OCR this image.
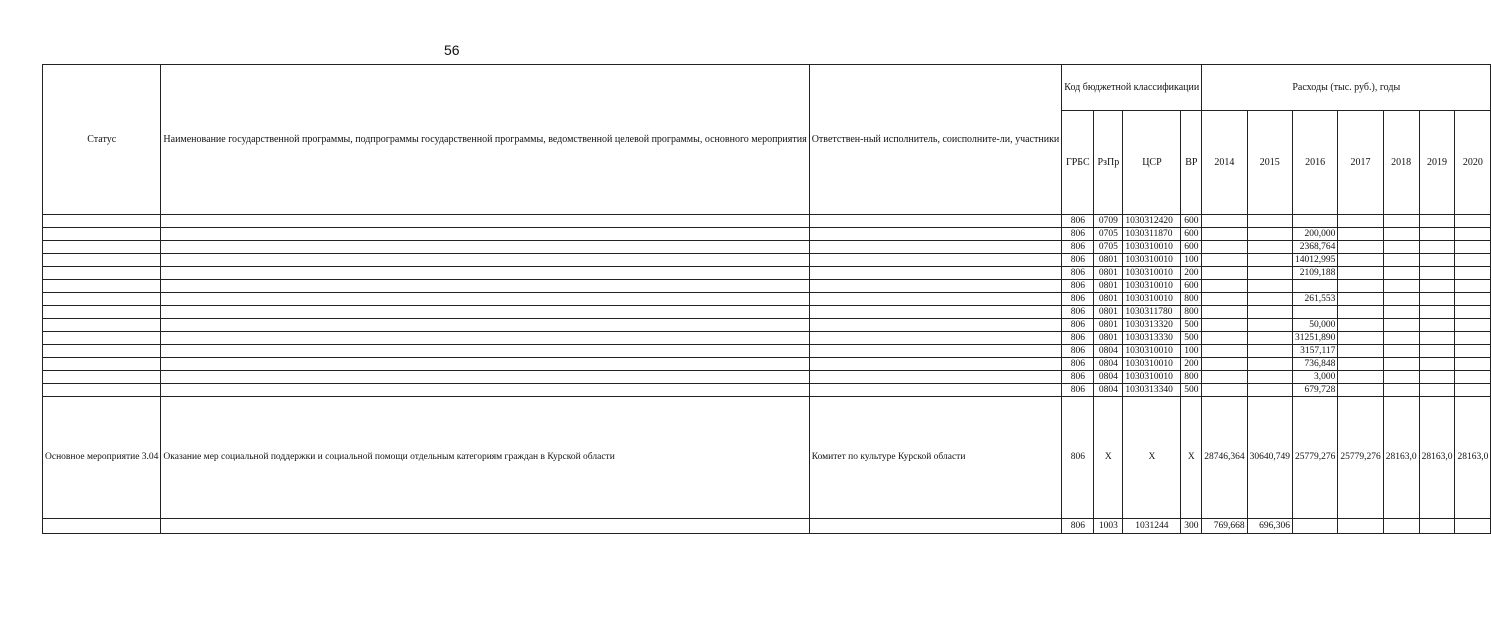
56
Статус	Наименование государственной программы, подпрограммы государственной программы, ведомственной целевой программы, основного мероприятия	Ответствен-ный исполнитель, соисполните-ли, участники	Код бюджетной классификации				Расходы (тыс. руб.), годы						
			ГРБС	РзПр	ЦСР	ВР	2014	2015	2016	2017	2018	2019	2020
			806	0709	1030312420	600							
			806	0705	1030311870	600			200,000				
			806	0705	1030310010	600			2368,764				
			806	0801	1030310010	100			14012,995				
			806	0801	1030310010	200			2109,188				
			806	0801	1030310010	600							
			806	0801	1030310010	800			261,553				
			806	0801	1030311780	800							
			806	0801	1030313320	500			50,000				
			806	0801	1030313330	500			31251,890				
			806	0804	1030310010	100			3157,117				
			806	0804	1030310010	200			736,848				
			806	0804	1030310010	800			3,000				
			806	0804	1030313340	500			679,728				
Основное мероприятие 3.04	Оказание мер социальной поддержки и социальной помощи отдельным категориям граждан в Курской области	Комитет по культуре Курской области	806	Х	Х	Х	28746,364	30640,749	25779,276	25779,276	28163,0	28163,0	28163,0
			806	1003	1031244	300	769,668	696,306					
